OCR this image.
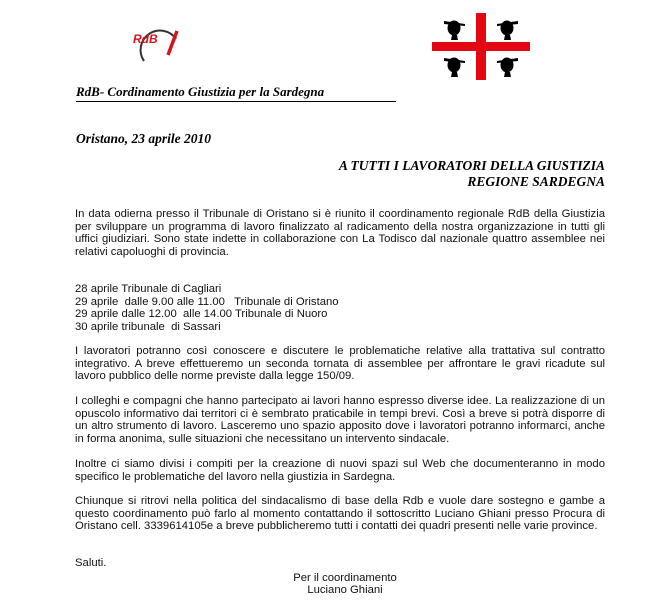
RdB
RdB- Cordinamento Giustizia per la Sardegna
Oristano, 23 aprile 2010
A TUTTI I LAVORATORI DELLA GIUSTIZIA
REGIONE SARDEGNA

In data odierna presso il Tribunale di Oristano si è riunito il coordinamento regionale RdB della Giustizia per sviluppare un programma di lavoro finalizzato al radicamento della nostra organizzazione in tutti gli uffici giudiziari. Sono state indette in collaborazione con La Todisco dal nazionale quattro assemblee nei relativi capoluoghi di provincia.

28 aprile Tribunale di Cagliari
29 aprile  dalle 9.00 alle 11.00   Tribunale di Oristano
29 aprile dalle 12.00  alle 14.00 Tribunale di Nuoro
30 aprile tribunale  di Sassari

I lavoratori potranno così conoscere e discutere le problematiche relative alla trattativa sul contratto integrativo. A breve effettueremo un seconda tornata di assemblee per affrontare le gravi ricadute sul lavoro pubblico delle norme previste dalla legge 150/09.

I colleghi e compagni che hanno partecipato ai lavori hanno espresso diverse idee. La realizzazione di un opuscolo informativo dai territori ci è sembrato praticabile in tempi brevi. Così a breve si potrà disporre di un altro strumento di lavoro. Lasceremo uno spazio apposito dove i lavoratori potranno informarci, anche in forma anonima, sulle situazioni che necessitano un intervento sindacale.

Inoltre ci siamo divisi i compiti per la creazione di nuovi spazi sul Web che documenteranno in modo specifico le problematiche del lavoro nella giustizia in Sardegna.

Chiunque si ritrovi nella politica del sindacalismo di base della Rdb e vuole dare sostegno e gambe a questo coordinamento può farlo al momento contattando il sottoscritto Luciano Ghiani presso Procura di Oristano cell. 3339614105e a breve pubblicheremo tutti i contatti dei quadri presenti nelle varie province.

Saluti.
Per il coordinamento
Luciano Ghiani
